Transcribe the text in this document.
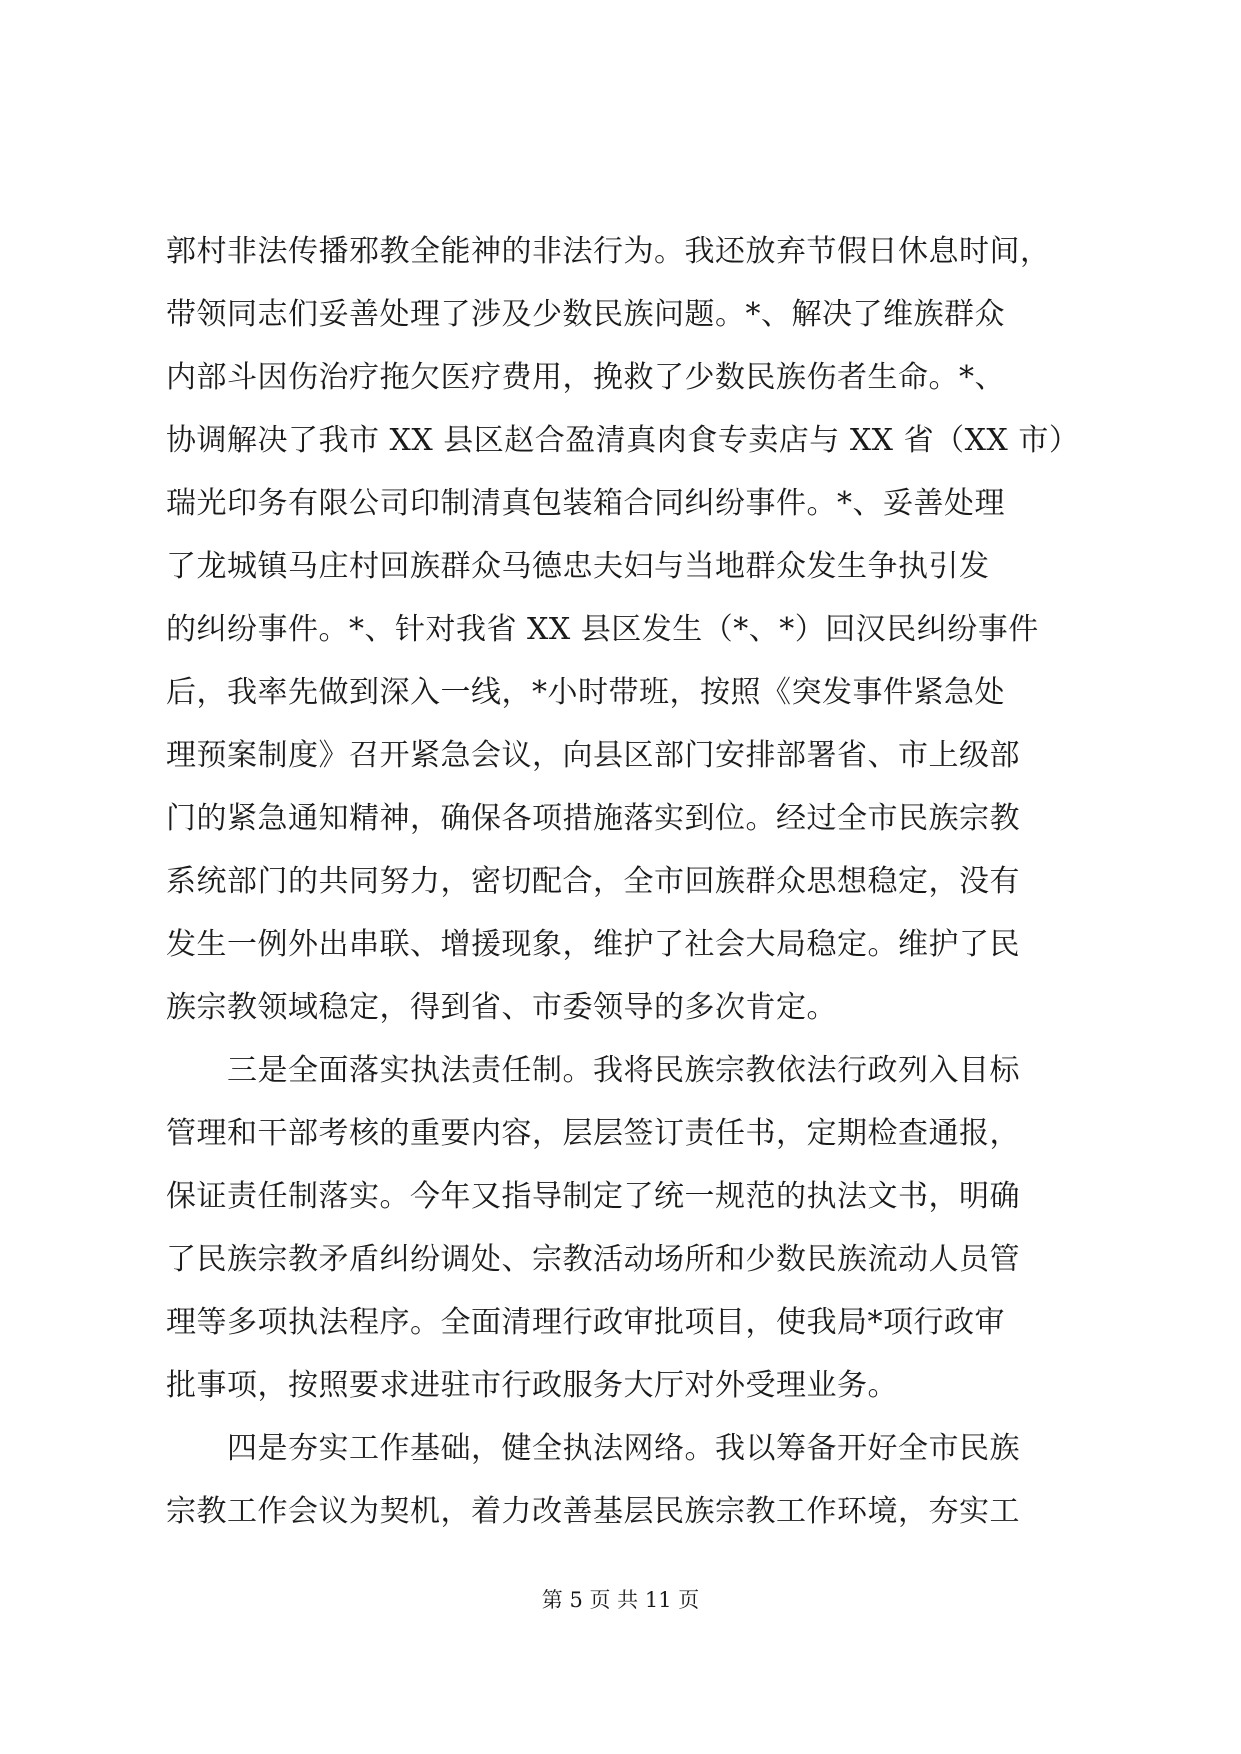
郭村非法传播邪教全能神的非法行为。我还放弃节假日休息时间，
带领同志们妥善处理了涉及少数民族问题。*、解决了维族群众
内部斗因伤治疗拖欠医疗费用，挽救了少数民族伤者生命。*、
协调解决了我市 XX 县区赵合盈清真肉食专卖店与 XX 省（XX 市）
瑞光印务有限公司印制清真包装箱合同纠纷事件。*、妥善处理
了龙城镇马庄村回族群众马德忠夫妇与当地群众发生争执引发
的纠纷事件。*、针对我省 XX 县区发生（*、*）回汉民纠纷事件
后，我率先做到深入一线，*小时带班，按照《突发事件紧急处
理预案制度》召开紧急会议，向县区部门安排部署省、市上级部
门的紧急通知精神，确保各项措施落实到位。经过全市民族宗教
系统部门的共同努力，密切配合，全市回族群众思想稳定，没有
发生一例外出串联、增援现象，维护了社会大局稳定。维护了民
族宗教领域稳定，得到省、市委领导的多次肯定。
　　三是全面落实执法责任制。我将民族宗教依法行政列入目标
管理和干部考核的重要内容，层层签订责任书，定期检查通报，
保证责任制落实。今年又指导制定了统一规范的执法文书，明确
了民族宗教矛盾纠纷调处、宗教活动场所和少数民族流动人员管
理等多项执法程序。全面清理行政审批项目，使我局*项行政审
批事项，按照要求进驻市行政服务大厅对外受理业务。
　　四是夯实工作基础，健全执法网络。我以筹备开好全市民族
宗教工作会议为契机，着力改善基层民族宗教工作环境，夯实工
第 5 页 共 11 页
